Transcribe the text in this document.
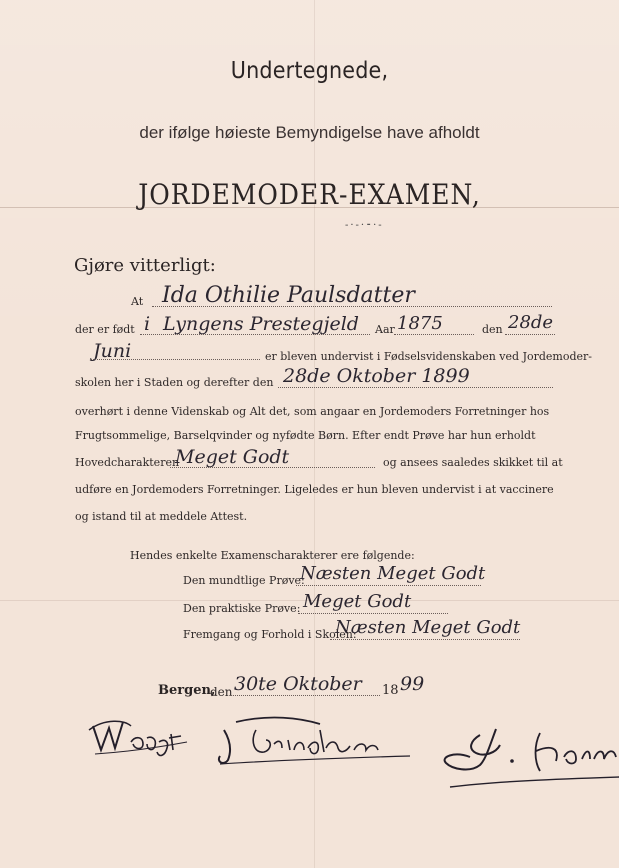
Undertegnede,
der ifølge høieste Bemyndigelse have afholdt
JORDEMODER-EXAMEN,
-·-·⁃·-
Gjøre vitterligt:
At Ida Othilie Paulsdatter
der er født i Lyngens Prestegjeld Aar 1875	den 28de
Juni	er bleven undervist i Fødselsvidenskaben ved Jordemoder-
skolen her i Staden og derefter den 28de Oktober 1899
overhørt i denne Videnskab og Alt det, som angaar en Jordemoders Forretninger hos
Frugtsommelige, Barselqvinder og nyfødte Børn. Efter endt Prøve har hun erholdt
Hovedcharakteren
Meget Godt	og ansees saaledes skikket til at
udføre en Jordemoders Forretninger. Ligeledes er hun bleven undervist i at vaccinere
og istand til at meddele Attest.
Hendes enkelte Examenscharakterer ere følgende:
Den mundtlige Prøve:
Næsten Meget Godt
Den praktiske Prøve: Meget Godt
Fremgang og Forhold i Skolen:
Næsten Meget Godt
Bergen,
den 30te Oktober 18 99
